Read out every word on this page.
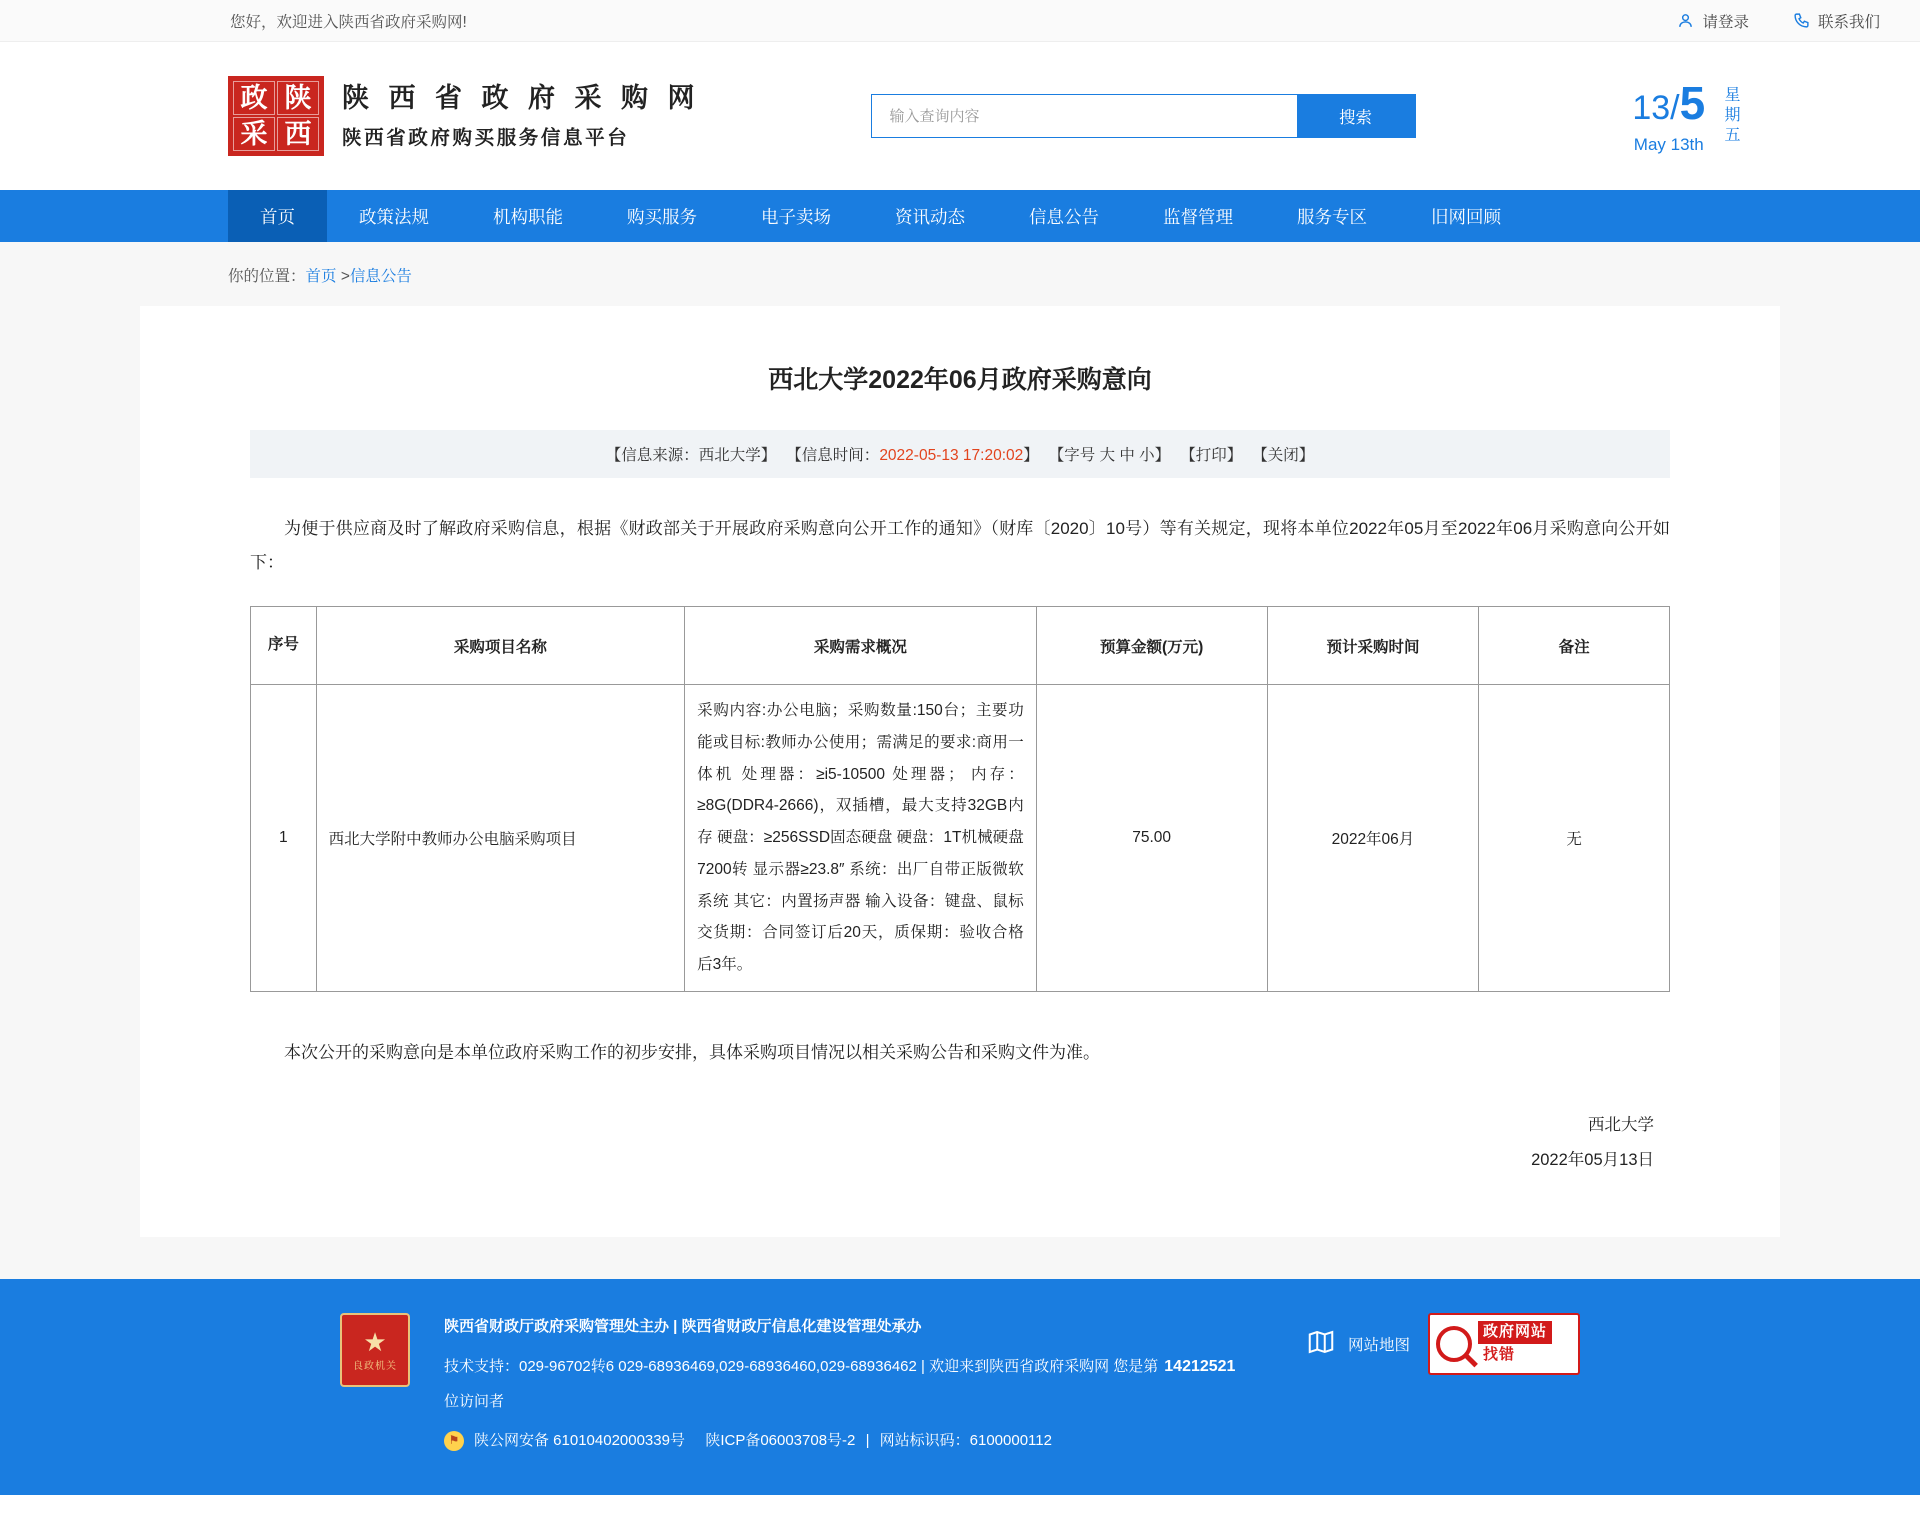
您好，欢迎进入陕西省政府采购网!	请登录	联系我们
政 陕
采 西
陕 西 省 政 府 采 购 网
陕西省政府购买服务信息平台
输入查询内容
搜索	13/5
May 13th 星期五
首页	政策法规	机构职能	购买服务	电子卖场	资讯动态	信息公告	监督管理	服务专区	旧网回顾
你的位置：首页 >信息公告
西北大学2022年06月政府采购意向
【信息来源：西北大学】 【信息时间：2022-05-13 17:20:02】 【字号 大 中 小】 【打印】 【关闭】

为便于供应商及时了解政府采购信息，根据《财政部关于开展政府采购意向公开工作的通知》（财库〔2020〕10号）等有关规定，现将本单位2022年05月至2022年06月采购意向公开如下：

序号	采购项目名称	采购需求概况	预算金额(万元)	预计采购时间	备注
1	西北大学附中教师办公电脑采购项目	采购内容:办公电脑；采购数量:150台；主要功能或目标:教师办公使用；需满足的要求:商用一体机 处理器：≥i5-10500 处理器； 内存：≥8G(DDR4-2666)，双插槽，最大支持32GB内存 硬盘：≥256SSD固态硬盘 硬盘：1T机械硬盘7200转 显示器≥23.8″ 系统：出厂自带正版微软系统 其它：内置扬声器 输入设备：键盘、鼠标 交货期：合同签订后20天，质保期：验收合格后3年。	75.00	2022年06月	无

本次公开的采购意向是本单位政府采购工作的初步安排，具体采购项目情况以相关采购公告和采购文件为准。

西北大学
2022年05月13日
★
良政机关
陕西省财政厅政府采购管理处主办 | 陕西省财政厅信息化建设管理处承办
技术支持：029-96702转6 029-68936469,029-68936460,029-68936462 | 欢迎来到陕西省政府采购网 您是第 14212521
位访问者
⚑ 陕公网安备 61010402000339号
陕ICP备06003708号-2 | 网站标识码：6100000112
网站地图
政府网站
找错
